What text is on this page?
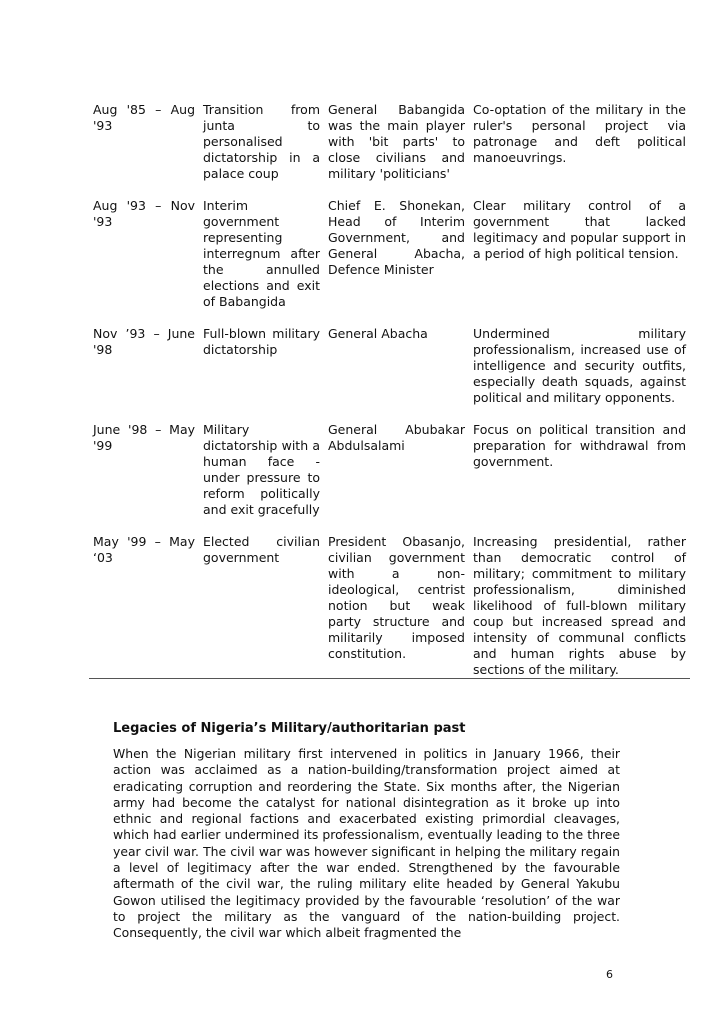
Aug '85 – Aug '93	Transition from junta to personalised dictatorship in a palace coup	General Babangida was the main player with 'bit parts' to close civilians and military 'politicians'	Co-optation of the military in the ruler's personal project via patronage and deft political manoeuvrings.
Aug '93 – Nov '93	Interim government representing interregnum after the annulled elections and exit of Babangida	Chief E. Shonekan, Head of Interim Government, and General Abacha, Defence Minister	Clear military control of a government that lacked legitimacy and popular support in a period of high political tension.
Nov ’93 – June '98	Full-blown military dictatorship	General Abacha	Undermined military professionalism, increased use of intelligence and security outfits, especially death squads, against political and military opponents.
June '98 – May '99	Military dictatorship with a human face - under pressure to reform politically and exit gracefully	General Abubakar Abdulsalami	Focus on political transition and preparation for withdrawal from government.
May '99 – May ‘03	Elected civilian government	President Obasanjo, civilian government with a non-ideological, centrist notion but weak party structure and militarily imposed constitution.	Increasing presidential, rather than democratic control of military; commitment to military professionalism, diminished likelihood of full-blown military coup but increased spread and intensity of communal conflicts and human rights abuse by sections of the military.
Legacies of Nigeria’s Military/authoritarian past

When the Nigerian military first intervened in politics in January 1966, their action was acclaimed as a nation-building/transformation project aimed at eradicating corruption and reordering the State. Six months after, the Nigerian army had become the catalyst for national disintegration as it broke up into ethnic and regional factions and exacerbated existing primordial cleavages, which had earlier undermined its professionalism, eventually leading to the three year civil war. The civil war was however significant in helping the military regain a level of legitimacy after the war ended. Strengthened by the favourable aftermath of the civil war, the ruling military elite headed by General Yakubu Gowon utilised the legitimacy provided by the favourable ‘resolution’ of the war to project the military as the vanguard of the nation-building project. Consequently, the civil war which albeit fragmented the

6
